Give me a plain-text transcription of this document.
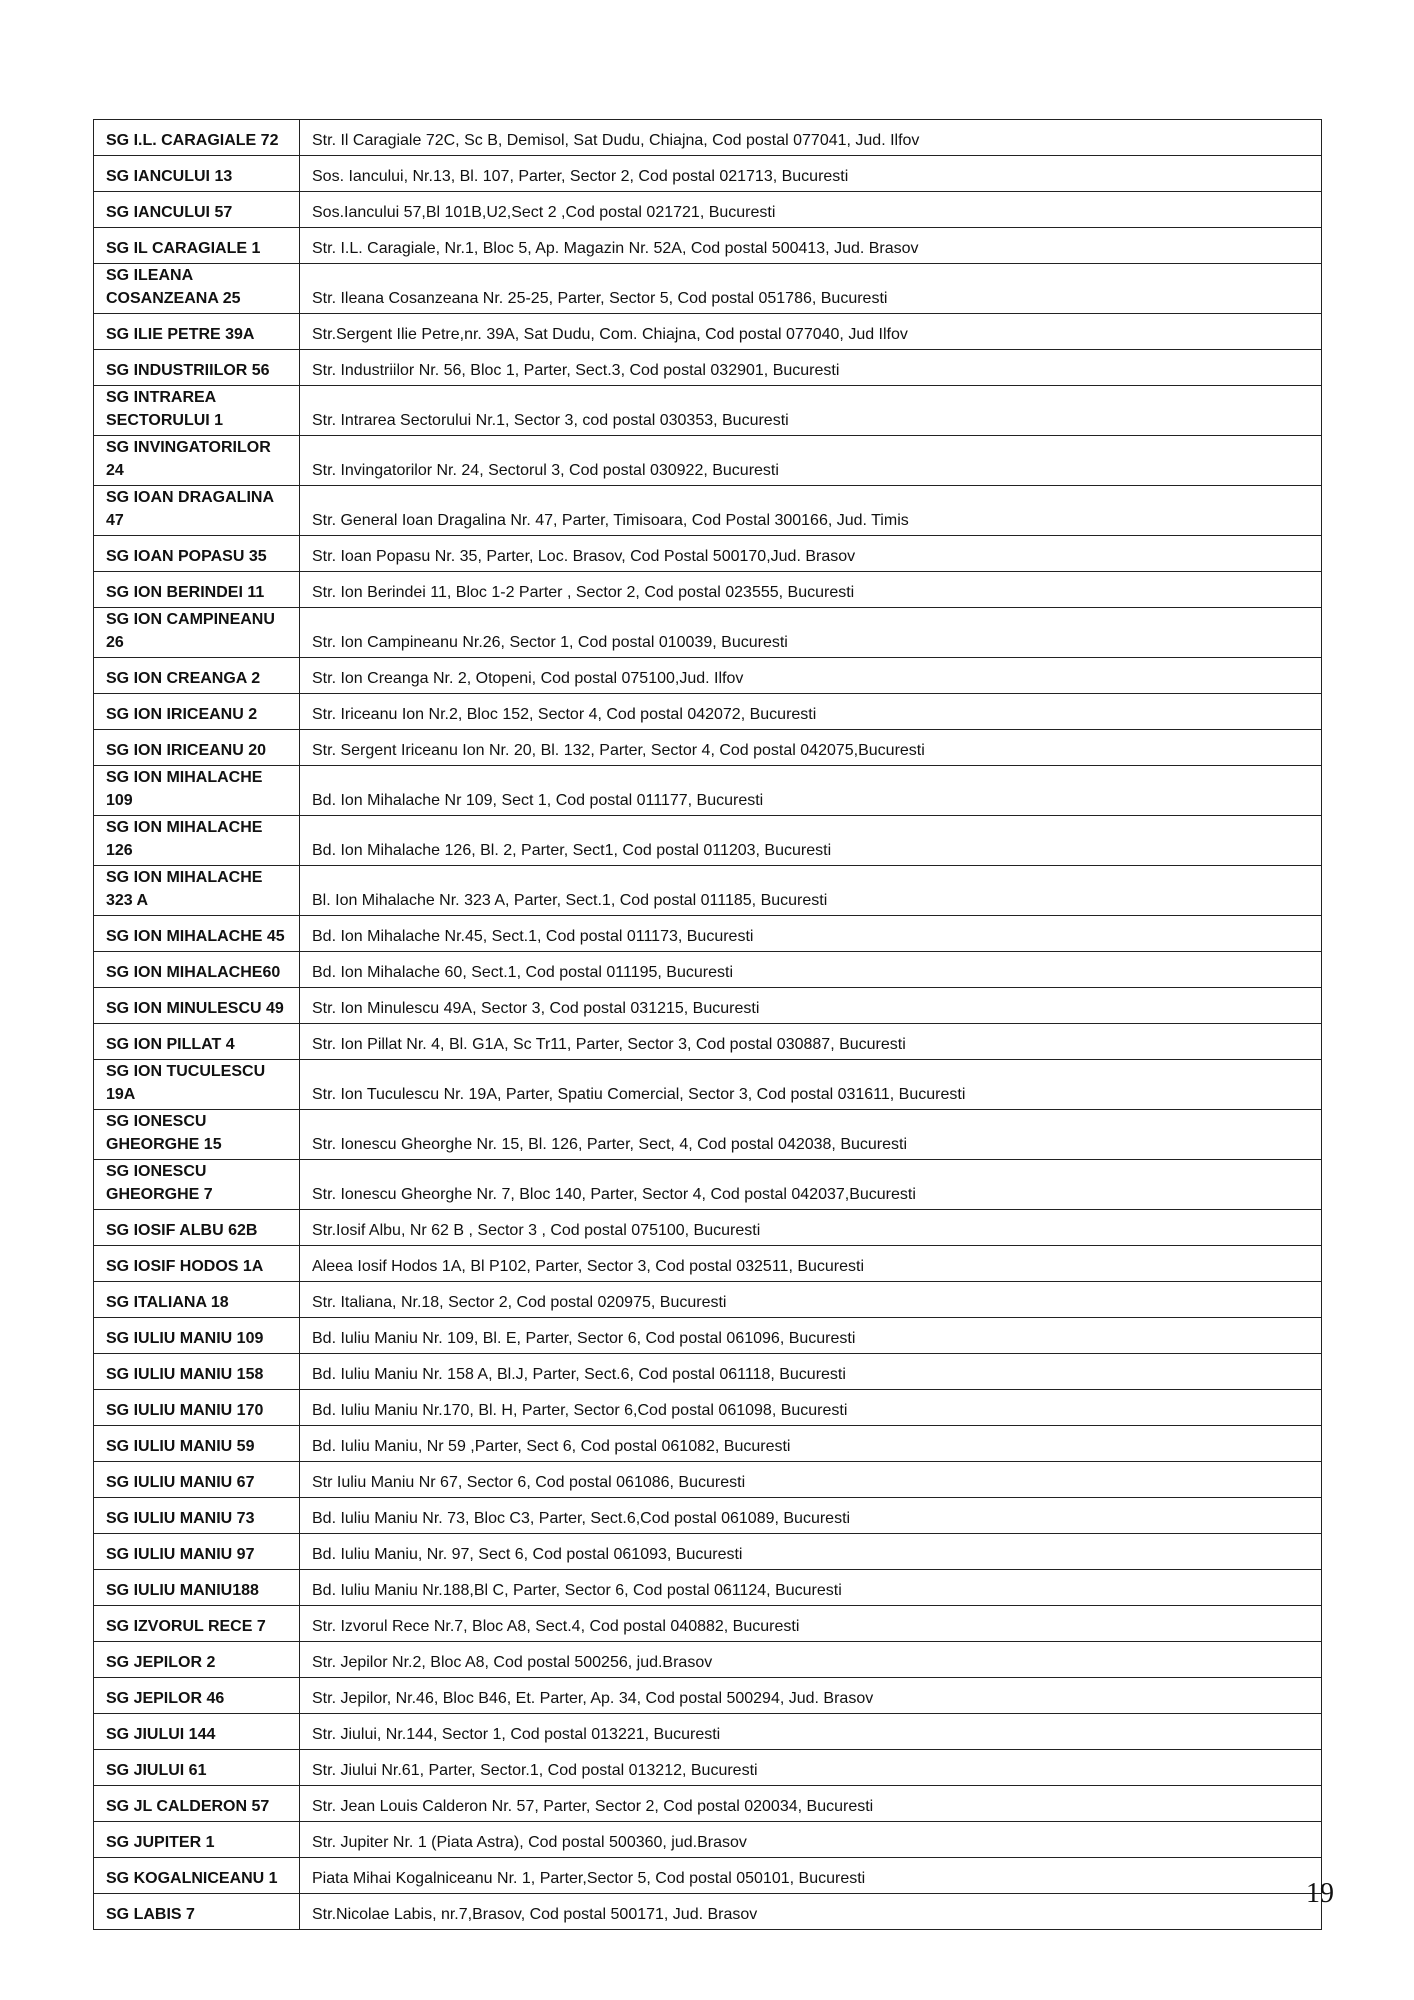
SG I.L. CARAGIALE 72	Str. Il Caragiale 72C, Sc B, Demisol, Sat Dudu, Chiajna, Cod postal 077041, Jud. Ilfov
SG IANCULUI 13	Sos. Iancului, Nr.13, Bl. 107, Parter, Sector 2, Cod postal 021713, Bucuresti
SG IANCULUI 57	Sos.Iancului 57,Bl 101B,U2,Sect 2 ,Cod postal 021721, Bucuresti
SG IL CARAGIALE 1	Str. I.L. Caragiale, Nr.1, Bloc 5, Ap. Magazin Nr. 52A, Cod postal 500413, Jud. Brasov
SG ILEANA COSANZEANA 25	Str. Ileana Cosanzeana Nr. 25-25, Parter, Sector 5, Cod postal 051786, Bucuresti
SG ILIE PETRE 39A	Str.Sergent Ilie Petre,nr. 39A, Sat Dudu, Com. Chiajna, Cod postal 077040, Jud Ilfov
SG INDUSTRIILOR 56	Str. Industriilor Nr. 56, Bloc 1, Parter, Sect.3, Cod postal 032901, Bucuresti
SG INTRAREA SECTORULUI 1	Str. Intrarea Sectorului Nr.1, Sector 3, cod postal 030353, Bucuresti
SG INVINGATORILOR 24	Str. Invingatorilor Nr. 24, Sectorul 3, Cod postal 030922, Bucuresti
SG IOAN DRAGALINA 47	Str. General Ioan Dragalina Nr. 47, Parter, Timisoara, Cod Postal 300166, Jud. Timis
SG IOAN POPASU 35	Str. Ioan Popasu Nr. 35, Parter, Loc. Brasov, Cod Postal 500170,Jud. Brasov
SG ION BERINDEI 11	Str. Ion Berindei 11, Bloc 1-2 Parter , Sector 2, Cod postal 023555, Bucuresti
SG ION CAMPINEANU 26	Str. Ion Campineanu Nr.26, Sector 1, Cod postal 010039, Bucuresti
SG ION CREANGA 2	Str. Ion Creanga Nr. 2, Otopeni, Cod postal 075100,Jud. Ilfov
SG ION IRICEANU 2	Str. Iriceanu Ion Nr.2, Bloc 152, Sector 4, Cod postal 042072, Bucuresti
SG ION IRICEANU 20	Str. Sergent Iriceanu Ion Nr. 20, Bl. 132, Parter, Sector 4, Cod postal 042075,Bucuresti
SG ION MIHALACHE 109	Bd. Ion Mihalache Nr 109, Sect 1, Cod postal 011177, Bucuresti
SG ION MIHALACHE 126	Bd. Ion Mihalache 126, Bl. 2, Parter, Sect1, Cod postal 011203, Bucuresti
SG ION MIHALACHE 323 A	Bl. Ion Mihalache Nr. 323 A, Parter, Sect.1, Cod postal 011185, Bucuresti
SG ION MIHALACHE 45	Bd. Ion Mihalache Nr.45, Sect.1, Cod postal 011173, Bucuresti
SG ION MIHALACHE60	Bd. Ion Mihalache 60, Sect.1, Cod postal 011195, Bucuresti
SG ION MINULESCU 49	Str. Ion Minulescu 49A, Sector 3, Cod postal 031215, Bucuresti
SG ION PILLAT 4	Str. Ion Pillat Nr. 4, Bl. G1A, Sc Tr11, Parter, Sector 3, Cod postal 030887, Bucuresti
SG ION TUCULESCU 19A	Str. Ion Tuculescu Nr. 19A, Parter, Spatiu Comercial, Sector 3, Cod postal 031611, Bucuresti
SG IONESCU GHEORGHE 15	Str. Ionescu Gheorghe Nr. 15, Bl. 126, Parter, Sect, 4, Cod postal 042038, Bucuresti
SG IONESCU GHEORGHE 7	Str. Ionescu Gheorghe Nr. 7, Bloc 140, Parter, Sector 4, Cod postal 042037,Bucuresti
SG IOSIF ALBU 62B	Str.Iosif Albu, Nr 62 B , Sector 3 , Cod postal 075100, Bucuresti
SG IOSIF HODOS 1A	Aleea Iosif Hodos 1A, Bl P102, Parter, Sector 3, Cod postal 032511, Bucuresti
SG ITALIANA 18	Str. Italiana, Nr.18, Sector 2, Cod postal 020975, Bucuresti
SG IULIU MANIU 109	Bd. Iuliu Maniu Nr. 109, Bl. E, Parter, Sector 6, Cod postal 061096, Bucuresti
SG IULIU MANIU 158	Bd. Iuliu Maniu Nr. 158 A, Bl.J, Parter, Sect.6, Cod postal 061118, Bucuresti
SG IULIU MANIU 170	Bd. Iuliu Maniu Nr.170, Bl. H, Parter, Sector 6,Cod postal 061098, Bucuresti
SG IULIU MANIU 59	Bd. Iuliu Maniu, Nr 59 ,Parter, Sect 6, Cod postal 061082, Bucuresti
SG IULIU MANIU 67	Str Iuliu Maniu Nr 67, Sector 6, Cod postal 061086, Bucuresti
SG IULIU MANIU 73	Bd. Iuliu Maniu Nr. 73, Bloc C3, Parter, Sect.6,Cod postal 061089, Bucuresti
SG IULIU MANIU 97	Bd. Iuliu Maniu, Nr. 97, Sect 6, Cod postal 061093, Bucuresti
SG IULIU MANIU188	Bd. Iuliu Maniu Nr.188,Bl C, Parter, Sector 6, Cod postal 061124, Bucuresti
SG IZVORUL RECE 7	Str. Izvorul Rece Nr.7, Bloc A8, Sect.4, Cod postal 040882, Bucuresti
SG JEPILOR 2	Str. Jepilor Nr.2, Bloc A8, Cod postal 500256, jud.Brasov
SG JEPILOR 46	Str. Jepilor, Nr.46, Bloc B46, Et. Parter, Ap. 34, Cod postal 500294, Jud. Brasov
SG JIULUI 144	Str. Jiului, Nr.144, Sector 1, Cod postal 013221, Bucuresti
SG JIULUI 61	Str. Jiului Nr.61, Parter, Sector.1, Cod postal 013212, Bucuresti
SG JL CALDERON 57	Str. Jean Louis Calderon Nr. 57, Parter, Sector 2, Cod postal 020034, Bucuresti
SG JUPITER 1	Str. Jupiter Nr. 1 (Piata Astra), Cod postal 500360, jud.Brasov
SG KOGALNICEANU 1	Piata Mihai Kogalniceanu Nr. 1, Parter,Sector 5, Cod postal 050101, Bucuresti
SG LABIS 7	Str.Nicolae Labis, nr.7,Brasov, Cod postal 500171, Jud. Brasov
19
